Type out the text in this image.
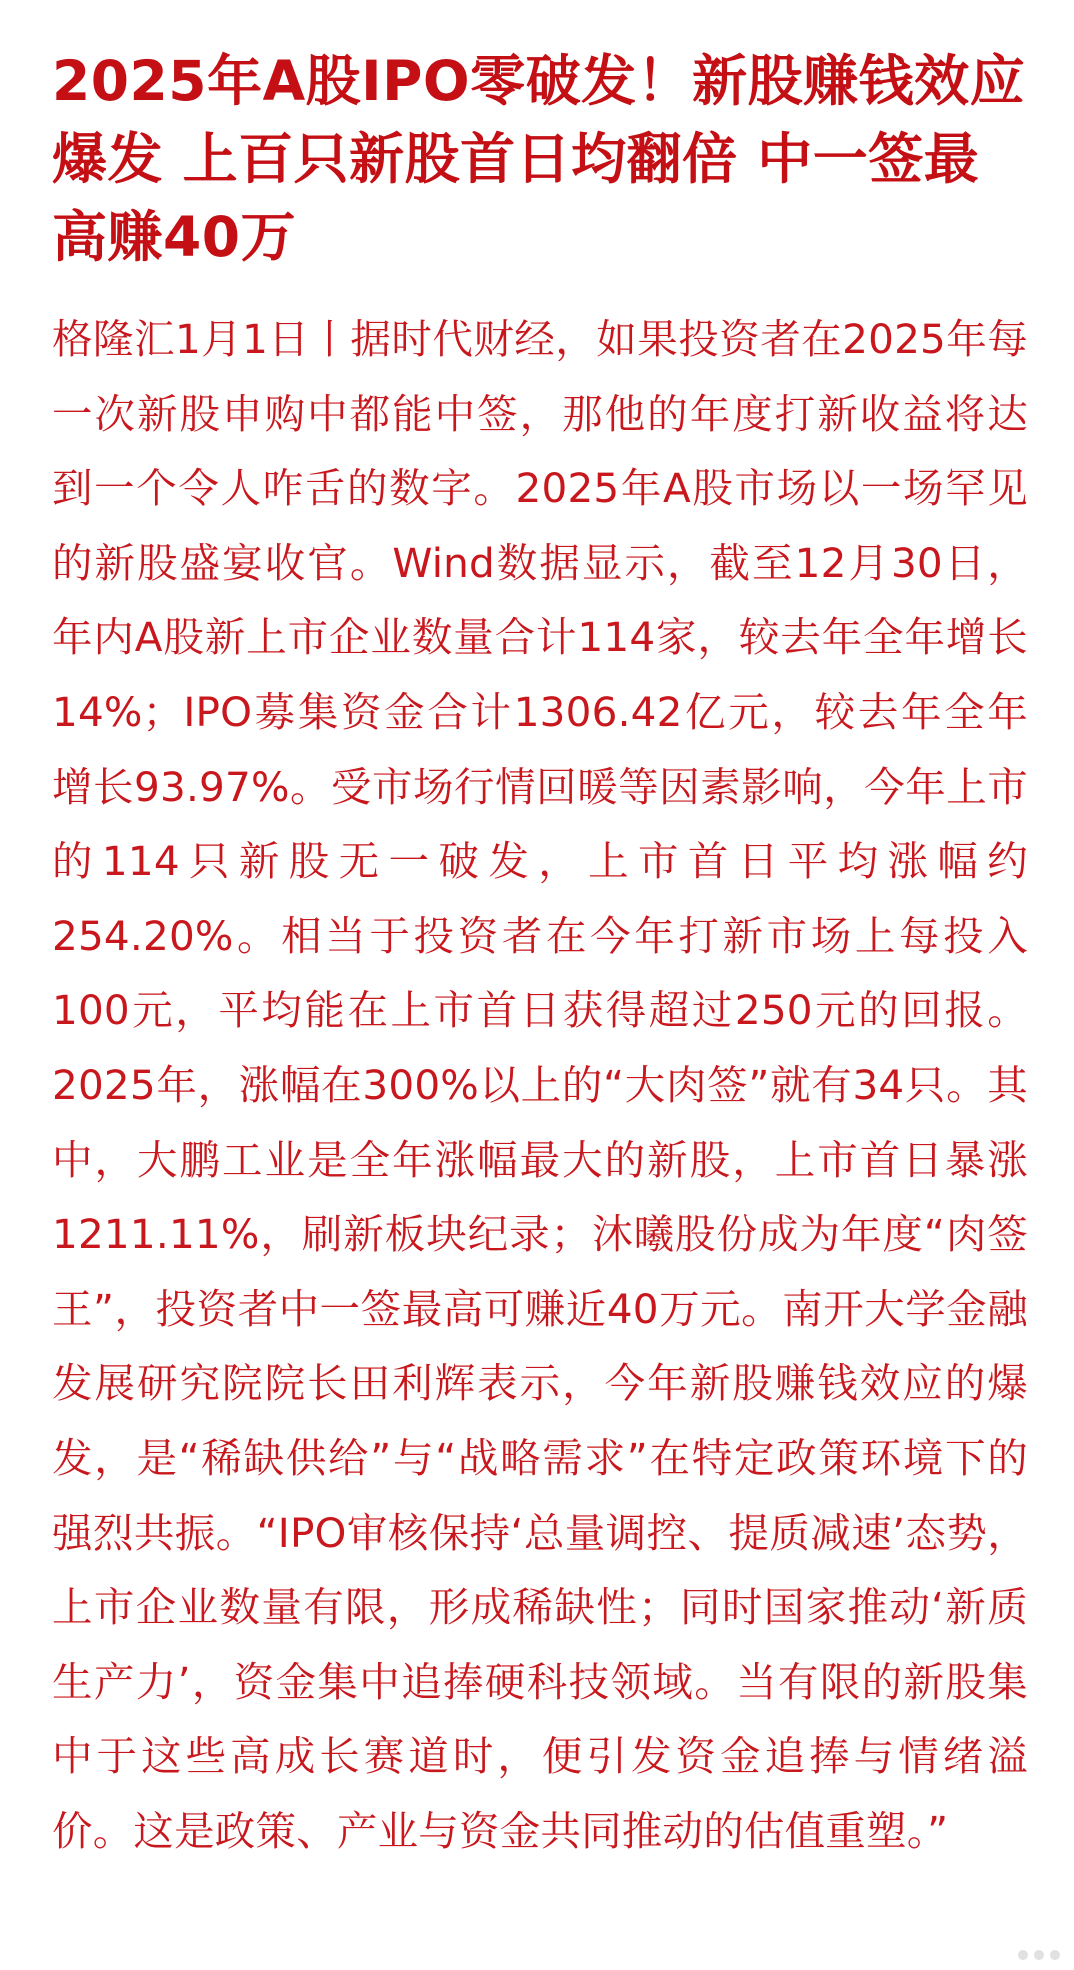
2025年A股IPO零破发！新股赚钱效应爆发 上百只新股首日均翻倍 中一签最高赚40万

格隆汇1月1日丨据时代财经，如果投资者在2025年每一次新股申购中都能中签，那他的年度打新收益将达到一个令人咋舌的数字。2025年A股市场以一场罕见的新股盛宴收官。Wind数据显示，截至12月30日，年内A股新上市企业数量合计114家，较去年全年增长14%；IPO募集资金合计1306.42亿元，较去年全年增长93.97%。受市场行情回暖等因素影响，今年上市的114只新股无一破发，上市首日平均涨幅约254.20%。相当于投资者在今年打新市场上每投入100元，平均能在上市首日获得超过250元的回报。2025年，涨幅在300%以上的“大肉签”就有34只。其中，大鹏工业是全年涨幅最大的新股，上市首日暴涨1211.11%，刷新板块纪录；沐曦股份成为年度“肉签王”，投资者中一签最高可赚近40万元。南开大学金融发展研究院院长田利辉表示，今年新股赚钱效应的爆发，是“稀缺供给”与“战略需求”在特定政策环境下的强烈共振。“IPO审核保持‘总量调控、提质减速’态势，上市企业数量有限，形成稀缺性；同时国家推动‘新质生产力’，资金集中追捧硬科技领域。当有限的新股集中于这些高成长赛道时，便引发资金追捧与情绪溢价。这是政策、产业与资金共同推动的估值重塑。”
